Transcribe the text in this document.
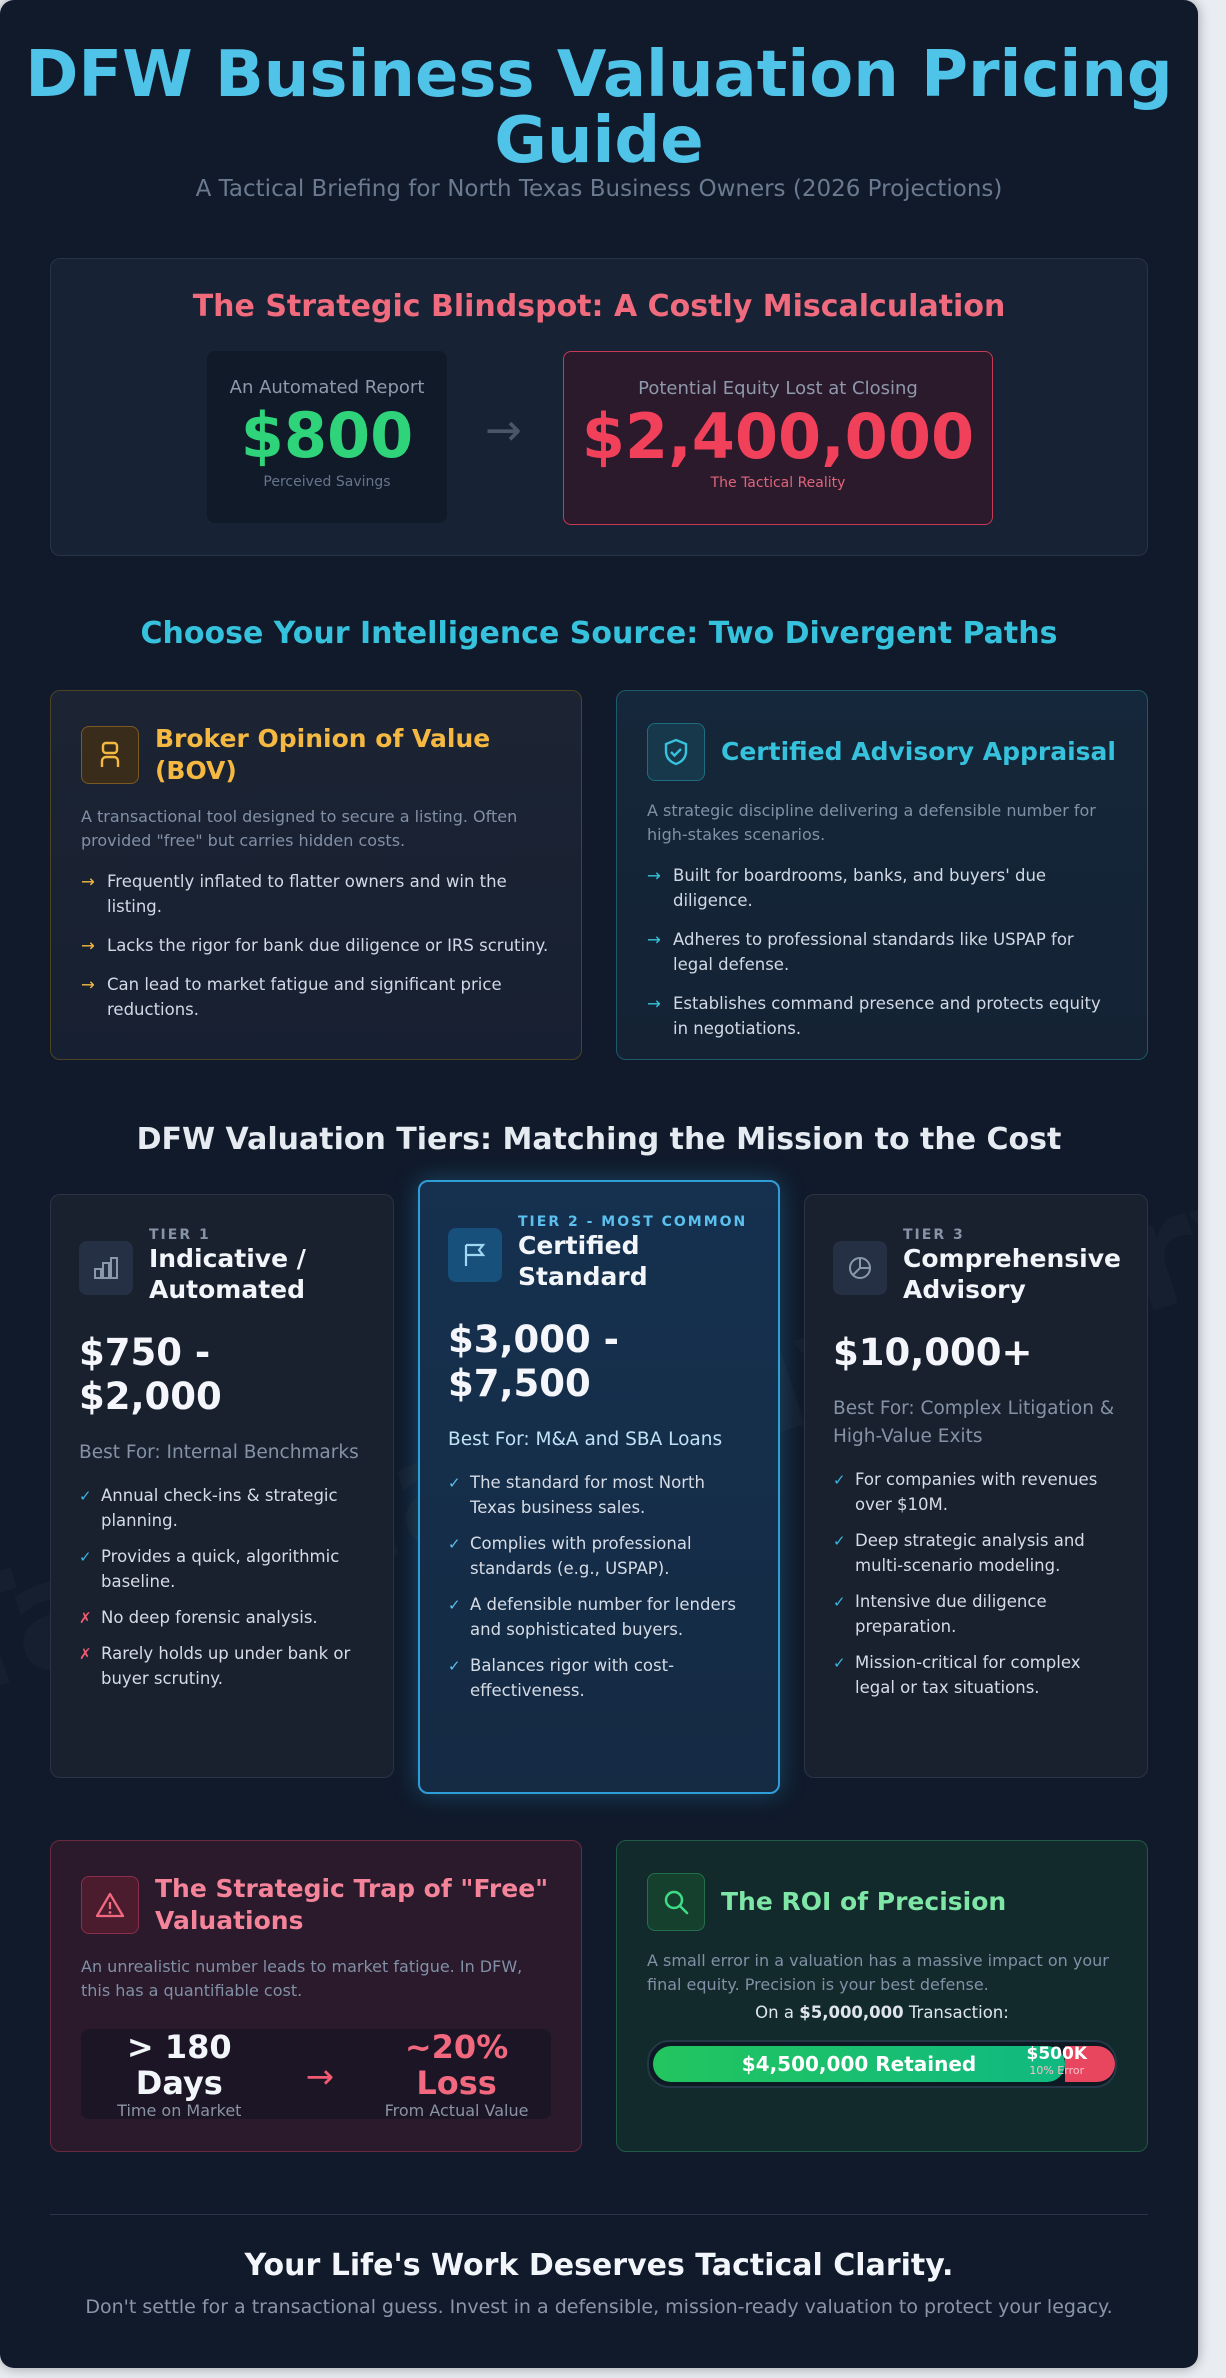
DFW Business Valuation Pricing Guide
A Tactical Briefing for North Texas Business Owners (2026 Projections)
The Strategic Blindspot: A Costly Miscalculation
An Automated Report
$800
Perceived Savings
→
Potential Equity Lost at Closing
$2,400,000
The Tactical Reality
Choose Your Intelligence Source: Two Divergent Paths
Broker Opinion of Value (BOV)
A transactional tool designed to secure a listing. Often provided "free" but carries hidden costs.
→ Frequently inflated to flatter owners and win the listing.
→ Lacks the rigor for bank due diligence or IRS scrutiny.
→ Can lead to market fatigue and significant price reductions.
Certified Advisory Appraisal
A strategic discipline delivering a defensible number for high-stakes scenarios.
→ Built for boardrooms, banks, and buyers' due diligence.
→ Adheres to professional standards like USPAP for legal defense.
→ Establishes command presence and protects equity in negotiations.
DFW Valuation Tiers: Matching the Mission to the Cost
TIER 1
Indicative / Automated
$750 - $2,000
Best For: Internal Benchmarks
✓ Annual check-ins & strategic planning.
✓ Provides a quick, algorithmic baseline.
✗ No deep forensic analysis.
✗ Rarely holds up under bank or buyer scrutiny.
TIER 2 - MOST COMMON
Certified Standard
$3,000 - $7,500
Best For: M&A and SBA Loans
✓ The standard for most North Texas business sales.
✓ Complies with professional standards (e.g., USPAP).
✓ A defensible number for lenders and sophisticated buyers.
✓ Balances rigor with cost-effectiveness.
TIER 3
Comprehensive Advisory
$10,000+
Best For: Complex Litigation & High-Value Exits
✓ For companies with revenues over $10M.
✓ Deep strategic analysis and multi-scenario modeling.
✓ Intensive due diligence preparation.
✓ Mission-critical for complex legal or tax situations.
The Strategic Trap of "Free" Valuations
An unrealistic number leads to market fatigue. In DFW, this has a quantifiable cost.
> 180 Days
Time on Market
→
~20% Loss
From Actual Value
The ROI of Precision
A small error in a valuation has a massive impact on your final equity. Precision is your best defense.
On a $5,000,000 Transaction:
$4,500,000 Retained	$500K
10% Error
Your Life's Work Deserves Tactical Clarity.
Don't settle for a transactional guess. Invest in a defensible, mission-ready valuation to protect your legacy.
